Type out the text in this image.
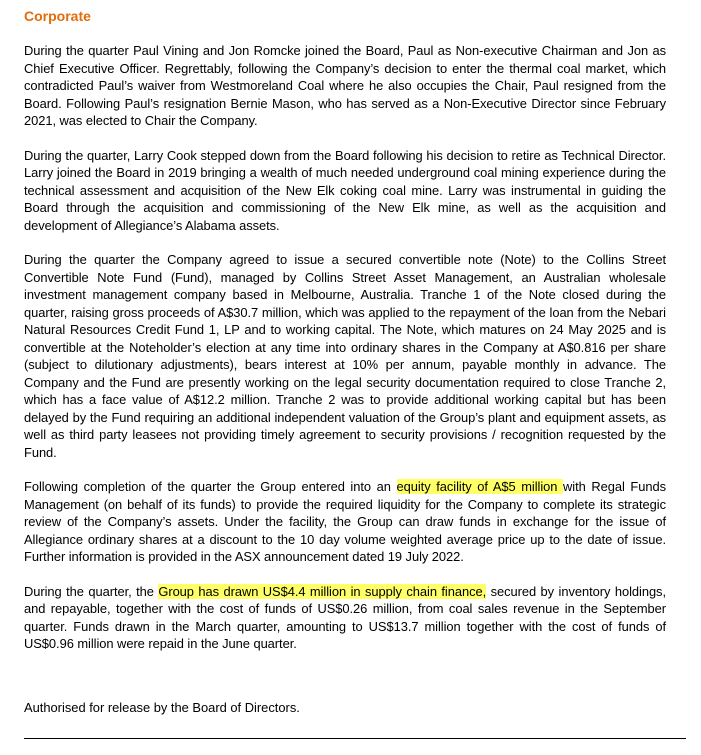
Corporate

During the quarter Paul Vining and Jon Romcke joined the Board, Paul as Non-executive Chairman and Jon as Chief Executive Officer. Regrettably, following the Company’s decision to enter the thermal coal market, which contradicted Paul’s waiver from Westmoreland Coal where he also occupies the Chair, Paul resigned from the Board. Following Paul’s resignation Bernie Mason, who has served as a Non-Executive Director since February 2021, was elected to Chair the Company.

During the quarter, Larry Cook stepped down from the Board following his decision to retire as Technical Director. Larry joined the Board in 2019 bringing a wealth of much needed underground coal mining experience during the technical assessment and acquisition of the New Elk coking coal mine. Larry was instrumental in guiding the Board through the acquisition and commissioning of the New Elk mine, as well as the acquisition and development of Allegiance’s Alabama assets.

During the quarter the Company agreed to issue a secured convertible note (Note) to the Collins Street Convertible Note Fund (Fund), managed by Collins Street Asset Management, an Australian wholesale investment management company based in Melbourne, Australia. Tranche 1 of the Note closed during the quarter, raising gross proceeds of A$30.7 million, which was applied to the repayment of the loan from the Nebari Natural Resources Credit Fund 1, LP and to working capital. The Note, which matures on 24 May 2025 and is convertible at the Noteholder’s election at any time into ordinary shares in the Company at A$0.816 per share (subject to dilutionary adjustments), bears interest at 10% per annum, payable monthly in advance. The Company and the Fund are presently working on the legal security documentation required to close Tranche 2, which has a face value of A$12.2 million. Tranche 2 was to provide additional working capital but has been delayed by the Fund requiring an additional independent valuation of the Group’s plant and equipment assets, as well as third party leasees not providing timely agreement to security provisions / recognition requested by the Fund.

Following completion of the quarter the Group entered into an equity facility of A$5 million with Regal Funds Management (on behalf of its funds) to provide the required liquidity for the Company to complete its strategic review of the Company’s assets. Under the facility, the Group can draw funds in exchange for the issue of Allegiance ordinary shares at a discount to the 10 day volume weighted average price up to the date of issue. Further information is provided in the ASX announcement dated 19 July 2022.

During the quarter, the Group has drawn US$4.4 million in supply chain finance, secured by inventory holdings, and repayable, together with the cost of funds of US$0.26 million, from coal sales revenue in the September quarter. Funds drawn in the March quarter, amounting to US$13.7 million together with the cost of funds of US$0.96 million were repaid in the June quarter.

Authorised for release by the Board of Directors.
